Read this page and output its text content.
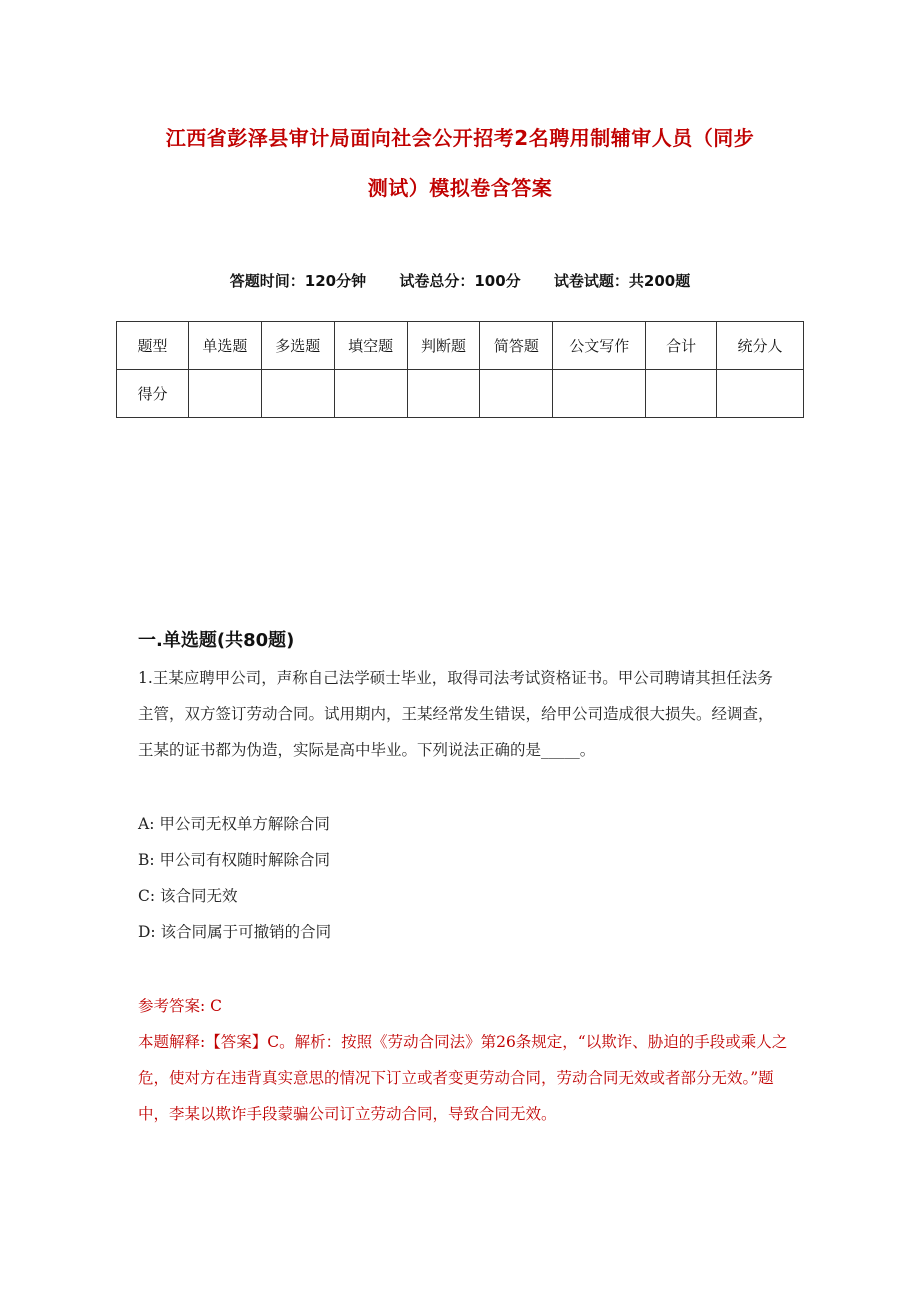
江西省彭泽县审计局面向社会公开招考2名聘用制辅审人员（同步
测试）模拟卷含答案
答题时间：120分钟 试卷总分：100分 试卷试题：共200题
题型	单选题	多选题	填空题	判断题	简答题	公文写作	合计	统分人
得分								
一.单选题(共80题)
1.王某应聘甲公司，声称自己法学硕士毕业，取得司法考试资格证书。甲公司聘请其担任法务主管，双方签订劳动合同。试用期内，王某经常发生错误，给甲公司造成很大损失。经调查，王某的证书都为伪造，实际是高中毕业。下列说法正确的是_____。
A: 甲公司无权单方解除合同
B: 甲公司有权随时解除合同
C: 该合同无效
D: 该合同属于可撤销的合同
参考答案: C
本题解释:【答案】C。解析：按照《劳动合同法》第26条规定，“以欺诈、胁迫的手段或乘人之危，使对方在违背真实意思的情况下订立或者变更劳动合同，劳动合同无效或者部分无效。”题中，李某以欺诈手段蒙骗公司订立劳动合同，导致合同无效。
